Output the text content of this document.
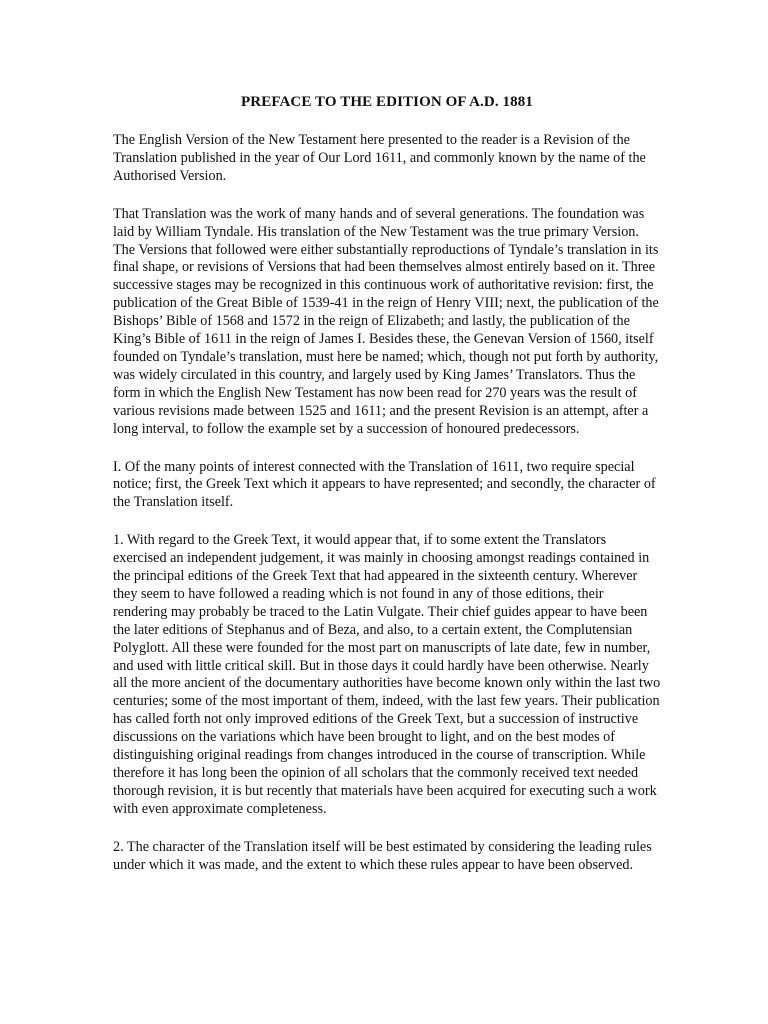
PREFACE TO THE EDITION OF A.D. 1881

The English Version of the New Testament here presented to the reader is a Revision of the Translation published in the year of Our Lord 1611, and commonly known by the name of the Authorised Version.

That Translation was the work of many hands and of several generations. The foundation was laid by William Tyndale. His translation of the New Testament was the true primary Version. The Versions that followed were either substantially reproductions of Tyndale’s translation in its final shape, or revisions of Versions that had been themselves almost entirely based on it. Three successive stages may be recognized in this continuous work of authoritative revision: first, the publication of the Great Bible of 1539-41 in the reign of Henry VIII; next, the publication of the Bishops’ Bible of 1568 and 1572 in the reign of Elizabeth; and lastly, the publication of the King’s Bible of 1611 in the reign of James I. Besides these, the Genevan Version of 1560, itself founded on Tyndale’s translation, must here be named; which, though not put forth by authority, was widely circulated in this country, and largely used by King James’ Translators. Thus the form in which the English New Testament has now been read for 270 years was the result of various revisions made between 1525 and 1611; and the present Revision is an attempt, after a long interval, to follow the example set by a succession of honoured predecessors.

I. Of the many points of interest connected with the Translation of 1611, two require special notice; first, the Greek Text which it appears to have represented; and secondly, the character of the Translation itself.

1. With regard to the Greek Text, it would appear that, if to some extent the Translators exercised an independent judgement, it was mainly in choosing amongst readings contained in the principal editions of the Greek Text that had appeared in the sixteenth century. Wherever they seem to have followed a reading which is not found in any of those editions, their rendering may probably be traced to the Latin Vulgate. Their chief guides appear to have been the later editions of Stephanus and of Beza, and also, to a certain extent, the Complutensian Polyglott. All these were founded for the most part on manuscripts of late date, few in number, and used with little critical skill. But in those days it could hardly have been otherwise. Nearly all the more ancient of the documentary authorities have become known only within the last two centuries; some of the most important of them, indeed, with the last few years. Their publication has called forth not only improved editions of the Greek Text, but a succession of instructive discussions on the variations which have been brought to light, and on the best modes of distinguishing original readings from changes introduced in the course of transcription. While therefore it has long been the opinion of all scholars that the commonly received text needed thorough revision, it is but recently that materials have been acquired for executing such a work with even approximate completeness.

2. The character of the Translation itself will be best estimated by considering the leading rules under which it was made, and the extent to which these rules appear to have been observed.
